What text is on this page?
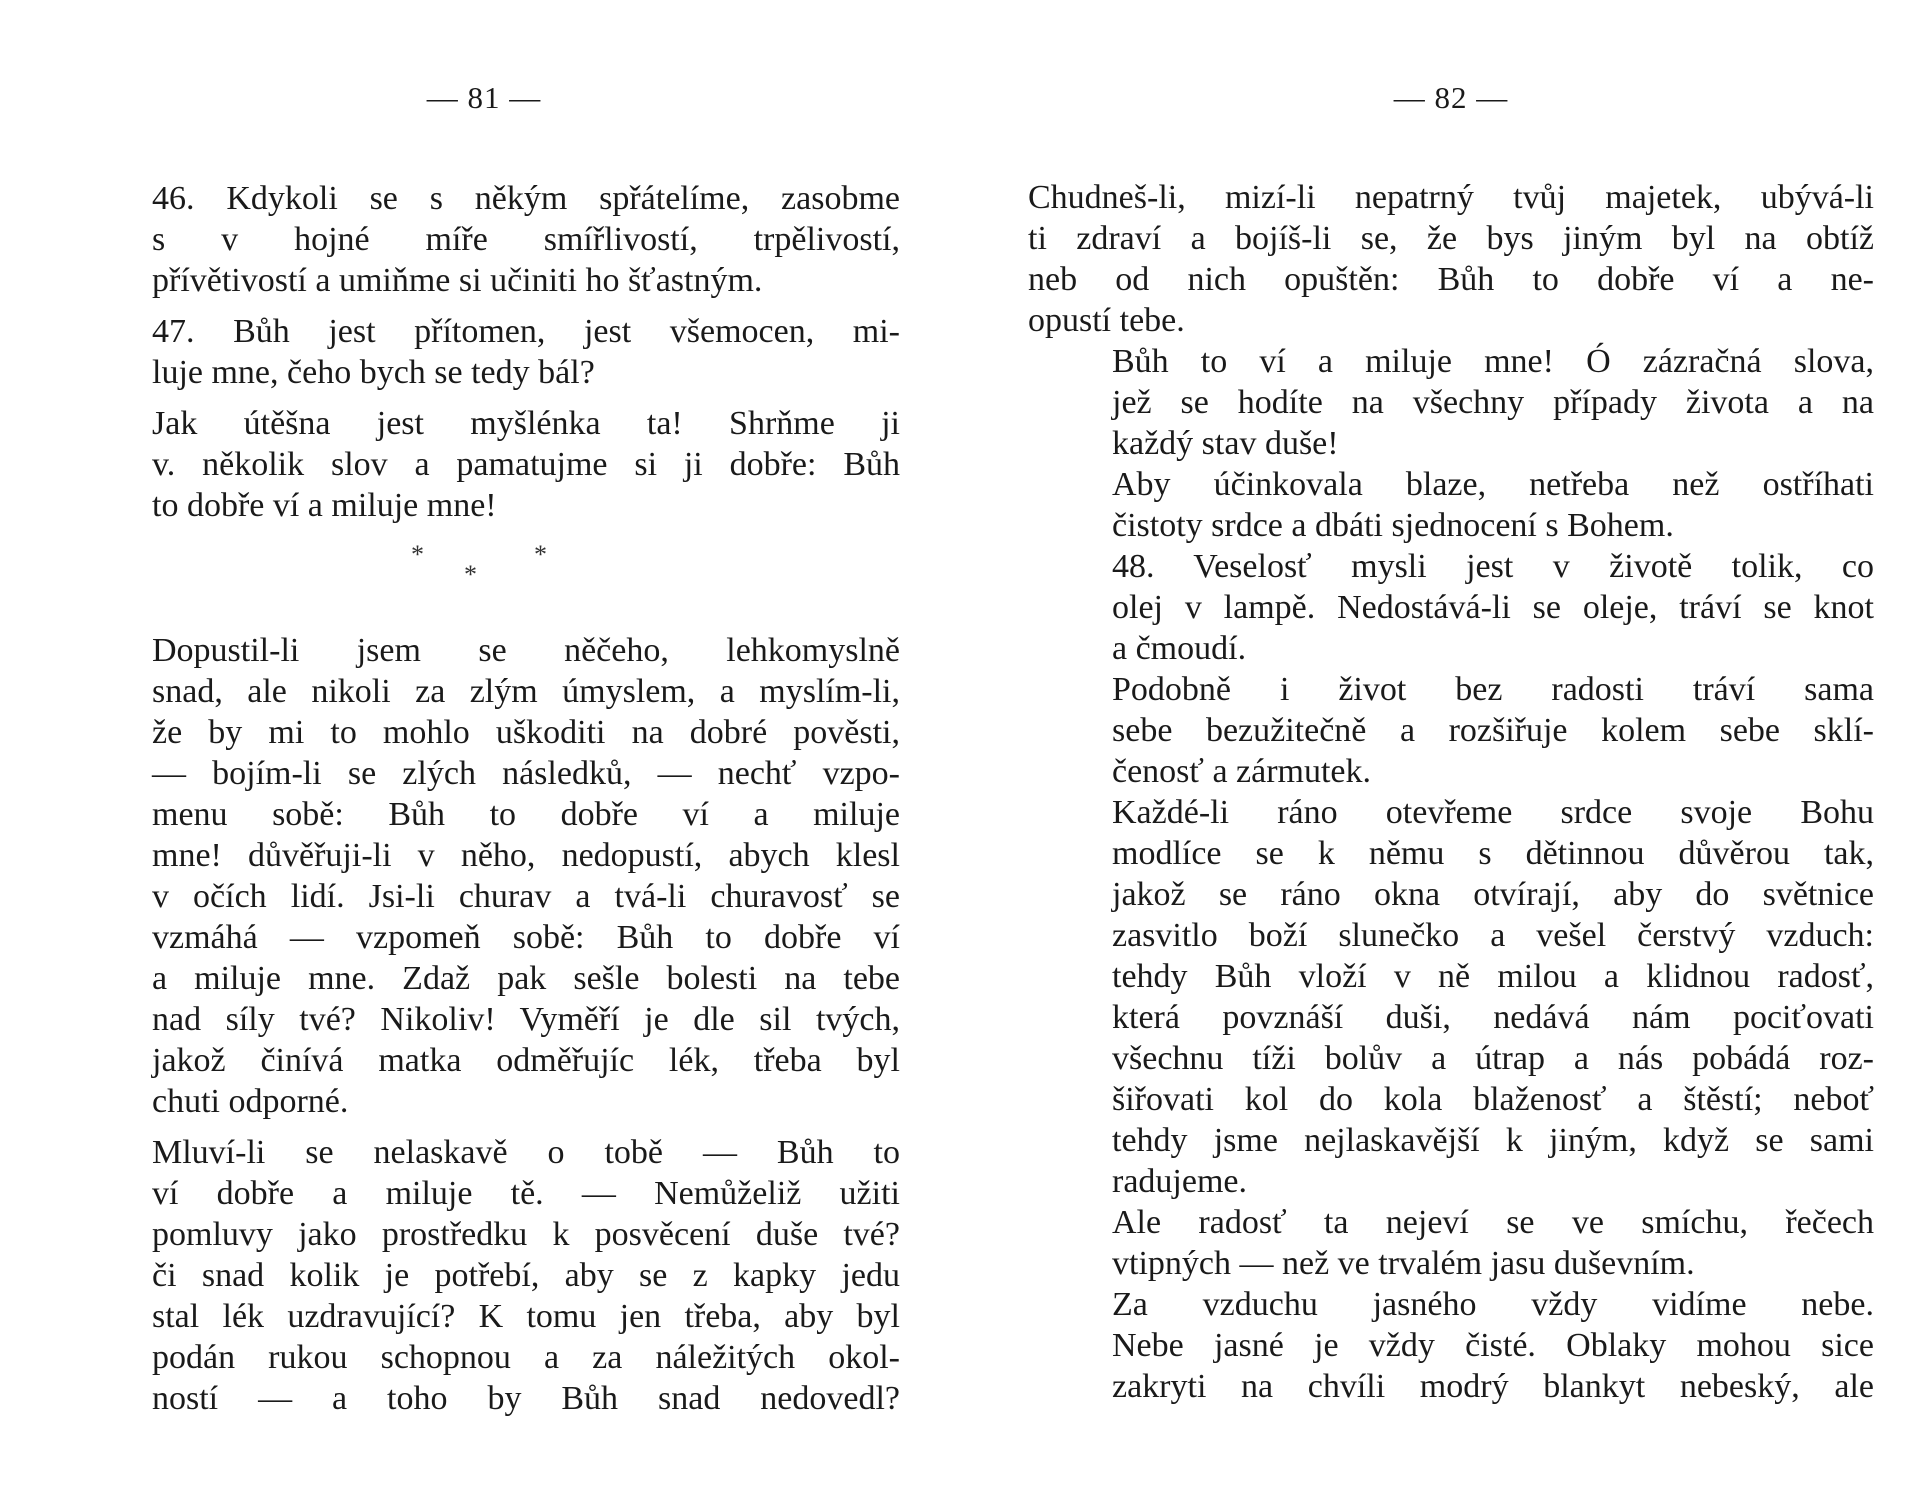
— 81 —
46. Kdykoli se s někým spřátelíme, zasobme
s v hojné míře smířlivostí, trpělivostí,
přívětivostí a umiňme si učiniti ho šťastným.
47. Bůh jest přítomen, jest všemocen, mi-
luje mne, čeho bych se tedy bál?
Jak útěšna jest myšlénka ta! Shrňme ji
v. několik slov a pamatujme si ji dobře: Bůh
to dobře ví a miluje mne!
*
*
*
Dopustil-li jsem se něčeho, lehkomyslně
snad, ale nikoli za zlým úmyslem, a myslím-li,
že by mi to mohlo uškoditi na dobré pověsti,
— bojím-li se zlých následků, — nechť vzpo-
menu sobě: Bůh to dobře ví a miluje
mne! důvěřuji-li v něho, nedopustí, abych klesl
v očích lidí. Jsi-li churav a tvá-li churavosť se
vzmáhá — vzpomeň sobě: Bůh to dobře ví
a miluje mne. Zdaž pak sešle bolesti na tebe
nad síly tvé? Nikoliv! Vyměří je dle sil tvých,
jakož činívá matka odměřujíc lék, třeba byl
chuti odporné.
Mluví-li se nelaskavě o tobě — Bůh to
ví dobře a miluje tě. — Nemůželiž užiti
pomluvy jako prostředku k posvěcení duše tvé?
či snad kolik je potřebí, aby se z kapky jedu
stal lék uzdravující? K tomu jen třeba, aby byl
podán rukou schopnou a za náležitých okol-
ností — a toho by Bůh snad nedovedl?
— 82 —
Chudneš-li, mizí-li nepatrný tvůj majetek, ubývá-li
ti zdraví a bojíš-li se, že bys jiným byl na obtíž
neb od nich opuštěn: Bůh to dobře ví a ne-
opustí tebe.
Bůh to ví a miluje mne! Ó zázračná slova,
jež se hodíte na všechny případy života a na
každý stav duše!
Aby účinkovala blaze, netřeba než ostříhati
čistoty srdce a dbáti sjednocení s Bohem.
48. Veselosť mysli jest v životě tolik, co
olej v lampě. Nedostává-li se oleje, tráví se knot
a čmoudí.
Podobně i život bez radosti tráví sama
sebe bezužitečně a rozšiřuje kolem sebe sklí-
čenosť a zármutek.
Každé-li ráno otevřeme srdce svoje Bohu
modlíce se k němu s dětinnou důvěrou tak,
jakož se ráno okna otvírají, aby do světnice
zasvitlo boží slunečko a vešel čerstvý vzduch:
tehdy Bůh vloží v ně milou a klidnou radosť,
která povznáší duši, nedává nám pociťovati
všechnu tíži bolův a útrap a nás pobádá roz-
šiřovati kol do kola blaženosť a štěstí; neboť
tehdy jsme nejlaskavější k jiným, když se sami
radujeme.
Ale radosť ta nejeví se ve smíchu, řečech
vtipných — než ve trvalém jasu duševním.
Za vzduchu jasného vždy vidíme nebe.
Nebe jasné je vždy čisté. Oblaky mohou sice
zakryti na chvíli modrý blankyt nebeský, ale
